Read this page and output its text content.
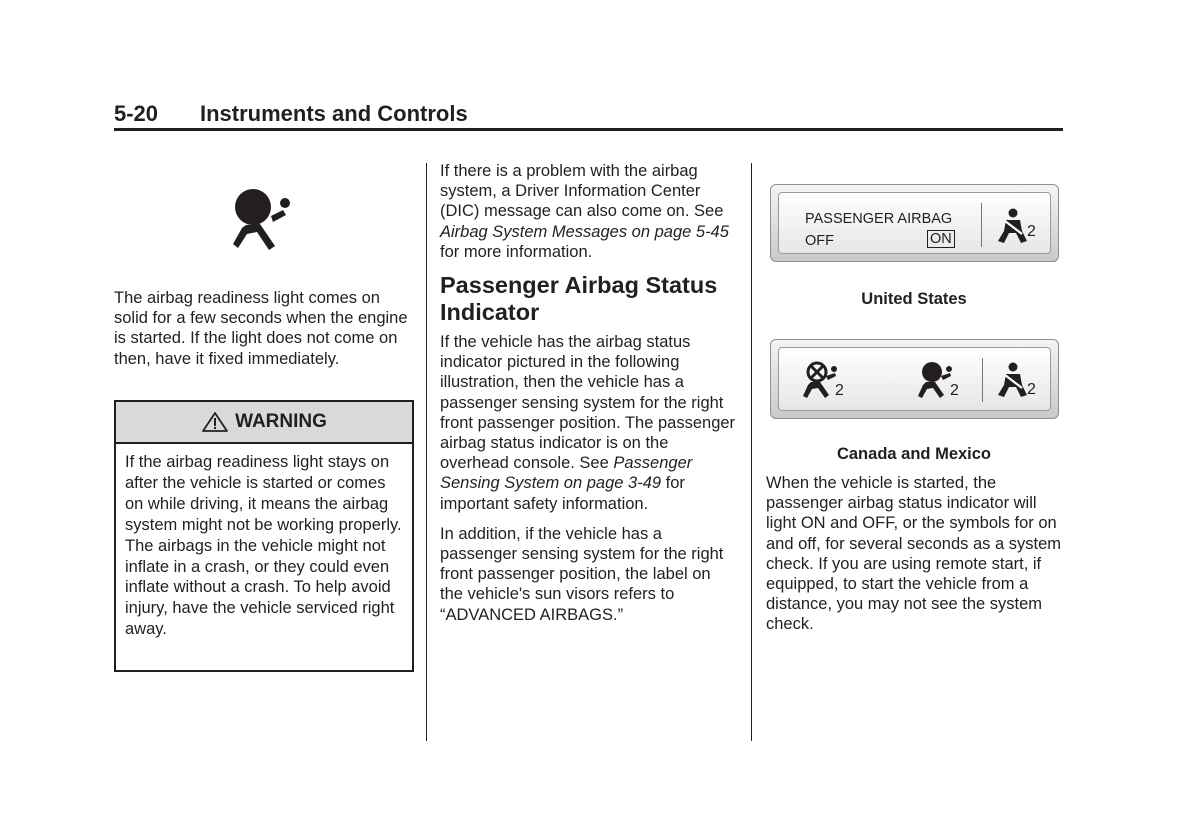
5-20 Instruments and Controls

The airbag readiness light comes on solid for a few seconds when the engine is started. If the light does not come on then, have it fixed immediately.

WARNING
If the airbag readiness light stays on after the vehicle is started or comes on while driving, it means the airbag system might not be working properly. The airbags in the vehicle might not inflate in a crash, or they could even inflate without a crash. To help avoid injury, have the vehicle serviced right away.

If there is a problem with the airbag system, a Driver Information Center (DIC) message can also come on. See Airbag System Messages on page 5-45 for more information.

Passenger Airbag Status Indicator

If the vehicle has the airbag status indicator pictured in the following illustration, then the vehicle has a passenger sensing system for the right front passenger position. The passenger airbag status indicator is on the overhead console. See Passenger Sensing System on page 3-49 for important safety information.

In addition, if the vehicle has a passenger sensing system for the right front passenger position, the label on the vehicle's sun visors refers to “ADVANCED AIRBAGS.”

PASSENGER AIRBAG
OFF	ON	2
United States
2	2	2
Canada and Mexico

When the vehicle is started, the passenger airbag status indicator will light ON and OFF, or the symbols for on and off, for several seconds as a system check. If you are using remote start, if equipped, to start the vehicle from a distance, you may not see the system check.
